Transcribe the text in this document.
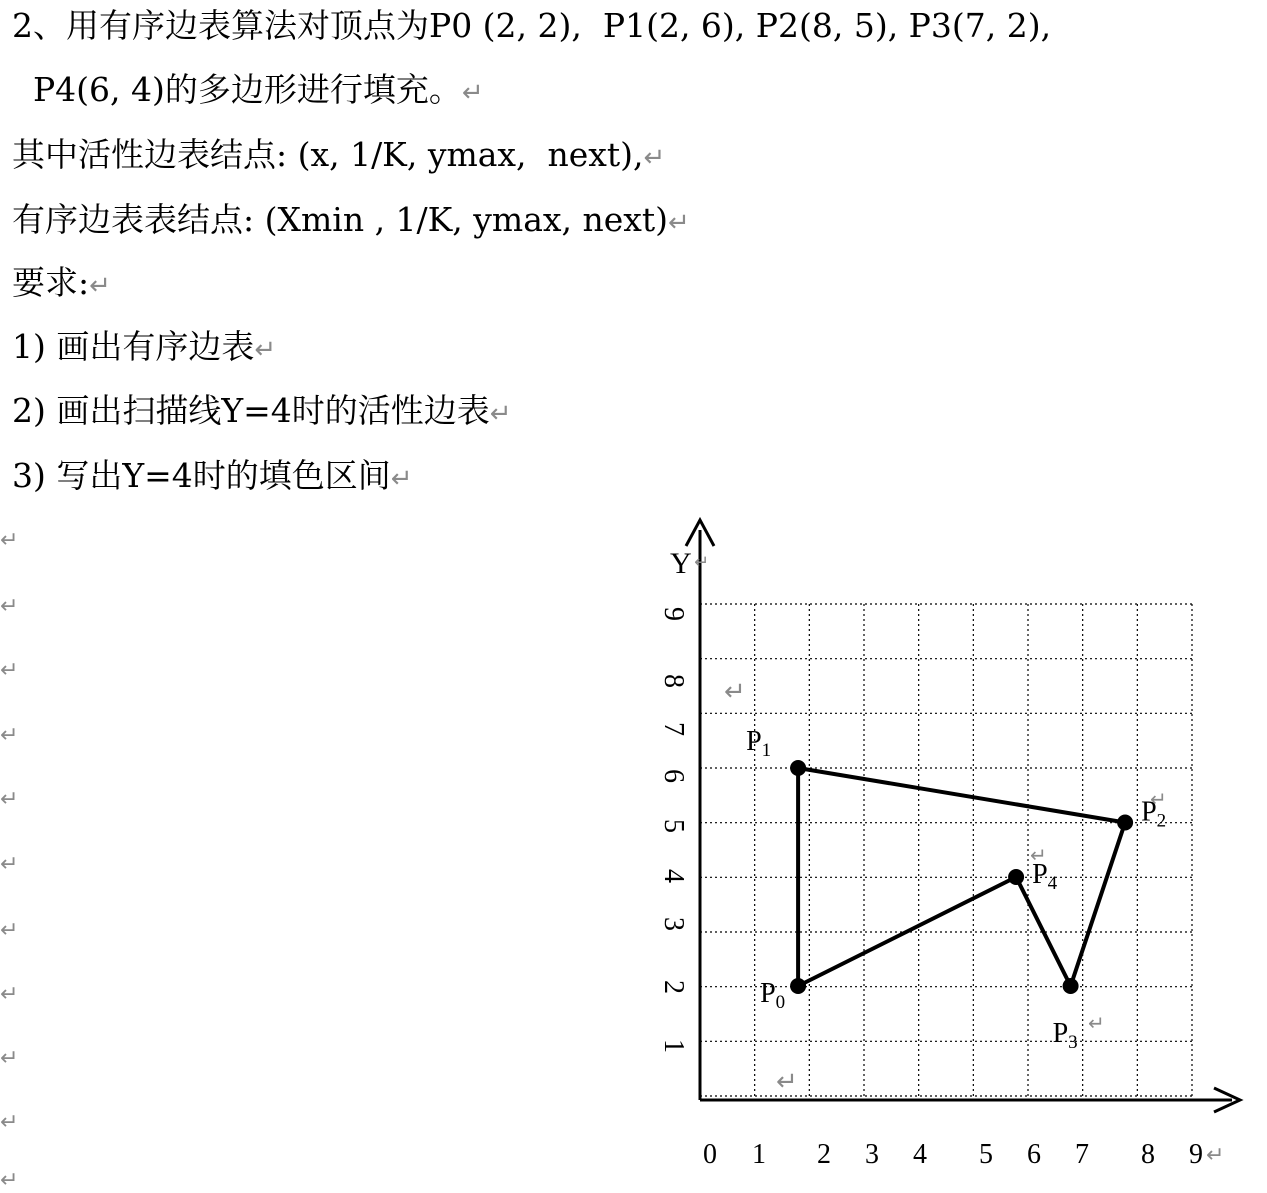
2、用有序边表算法对顶点为P0 (2, 2),  P1(2, 6), P2(8, 5), P3(7, 2),
P4(6, 4)的多边形进行填充。↵
其中活性边表结点: (x, 1/K, ymax,  next),↵
有序边表表结点: (Xmin , 1/K, ymax, next)↵
要求:↵
1) 画出有序边表↵
2) 画出扫描线Y=4时的活性边表↵
3) 写出Y=4时的填色区间↵
↵
↵
↵
↵
↵
↵
↵
↵
↵
↵
↵
Y ↵
0 1 2 3 4 5 6 7 8 9 ↵
1
2
3
4
5
6
7
8
9
$P_0$
$P_1$
$P_2$
$P_3$
$P_4$
↵
↵
↵
↵
↵
